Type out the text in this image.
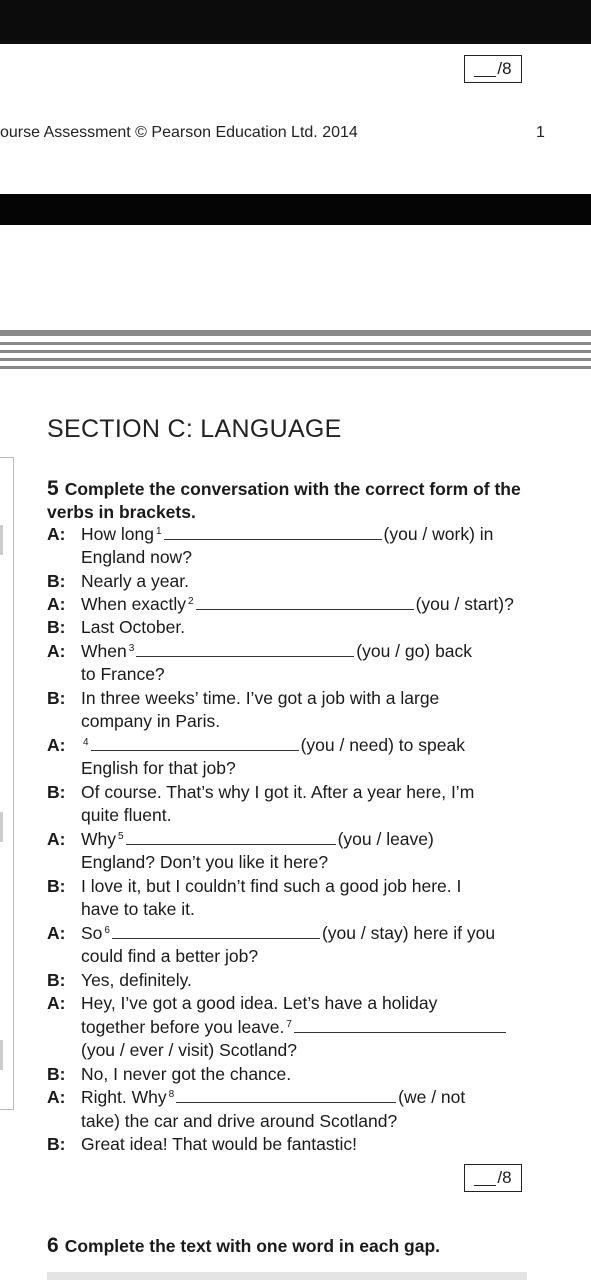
/8
ourse Assessment © Pearson Education Ltd. 2014	1
SECTION C: LANGUAGE
5 Complete the conversation with the correct form of the verbs in brackets.
A: How long $^1$	(you / work) in
England now?
B: Nearly a year.
A: When exactly $^2$	(you / start)?
B: Last October.
A: When $^3$	(you / go) back
to France?
B: In three weeks’ time. I’ve got a job with a large
company in Paris.
A: $^4$	(you / need) to speak
English for that job?
B: Of course. That’s why I got it. After a year here, I’m
quite fluent.
A: Why $^5$	(you / leave)
England? Don’t you like it here?
B: I love it, but I couldn’t find such a good job here. I
have to take it.
A: So $^6$	(you / stay) here if you
could find a better job?
B: Yes, definitely.
A: Hey, I’ve got a good idea. Let’s have a holiday
together before you leave. $^7$
(you / ever / visit) Scotland?
B: No, I never got the chance.
A: Right. Why $^8$	(we / not
take) the car and drive around Scotland?
B: Great idea! That would be fantastic!
/8
6 Complete the text with one word in each gap.
